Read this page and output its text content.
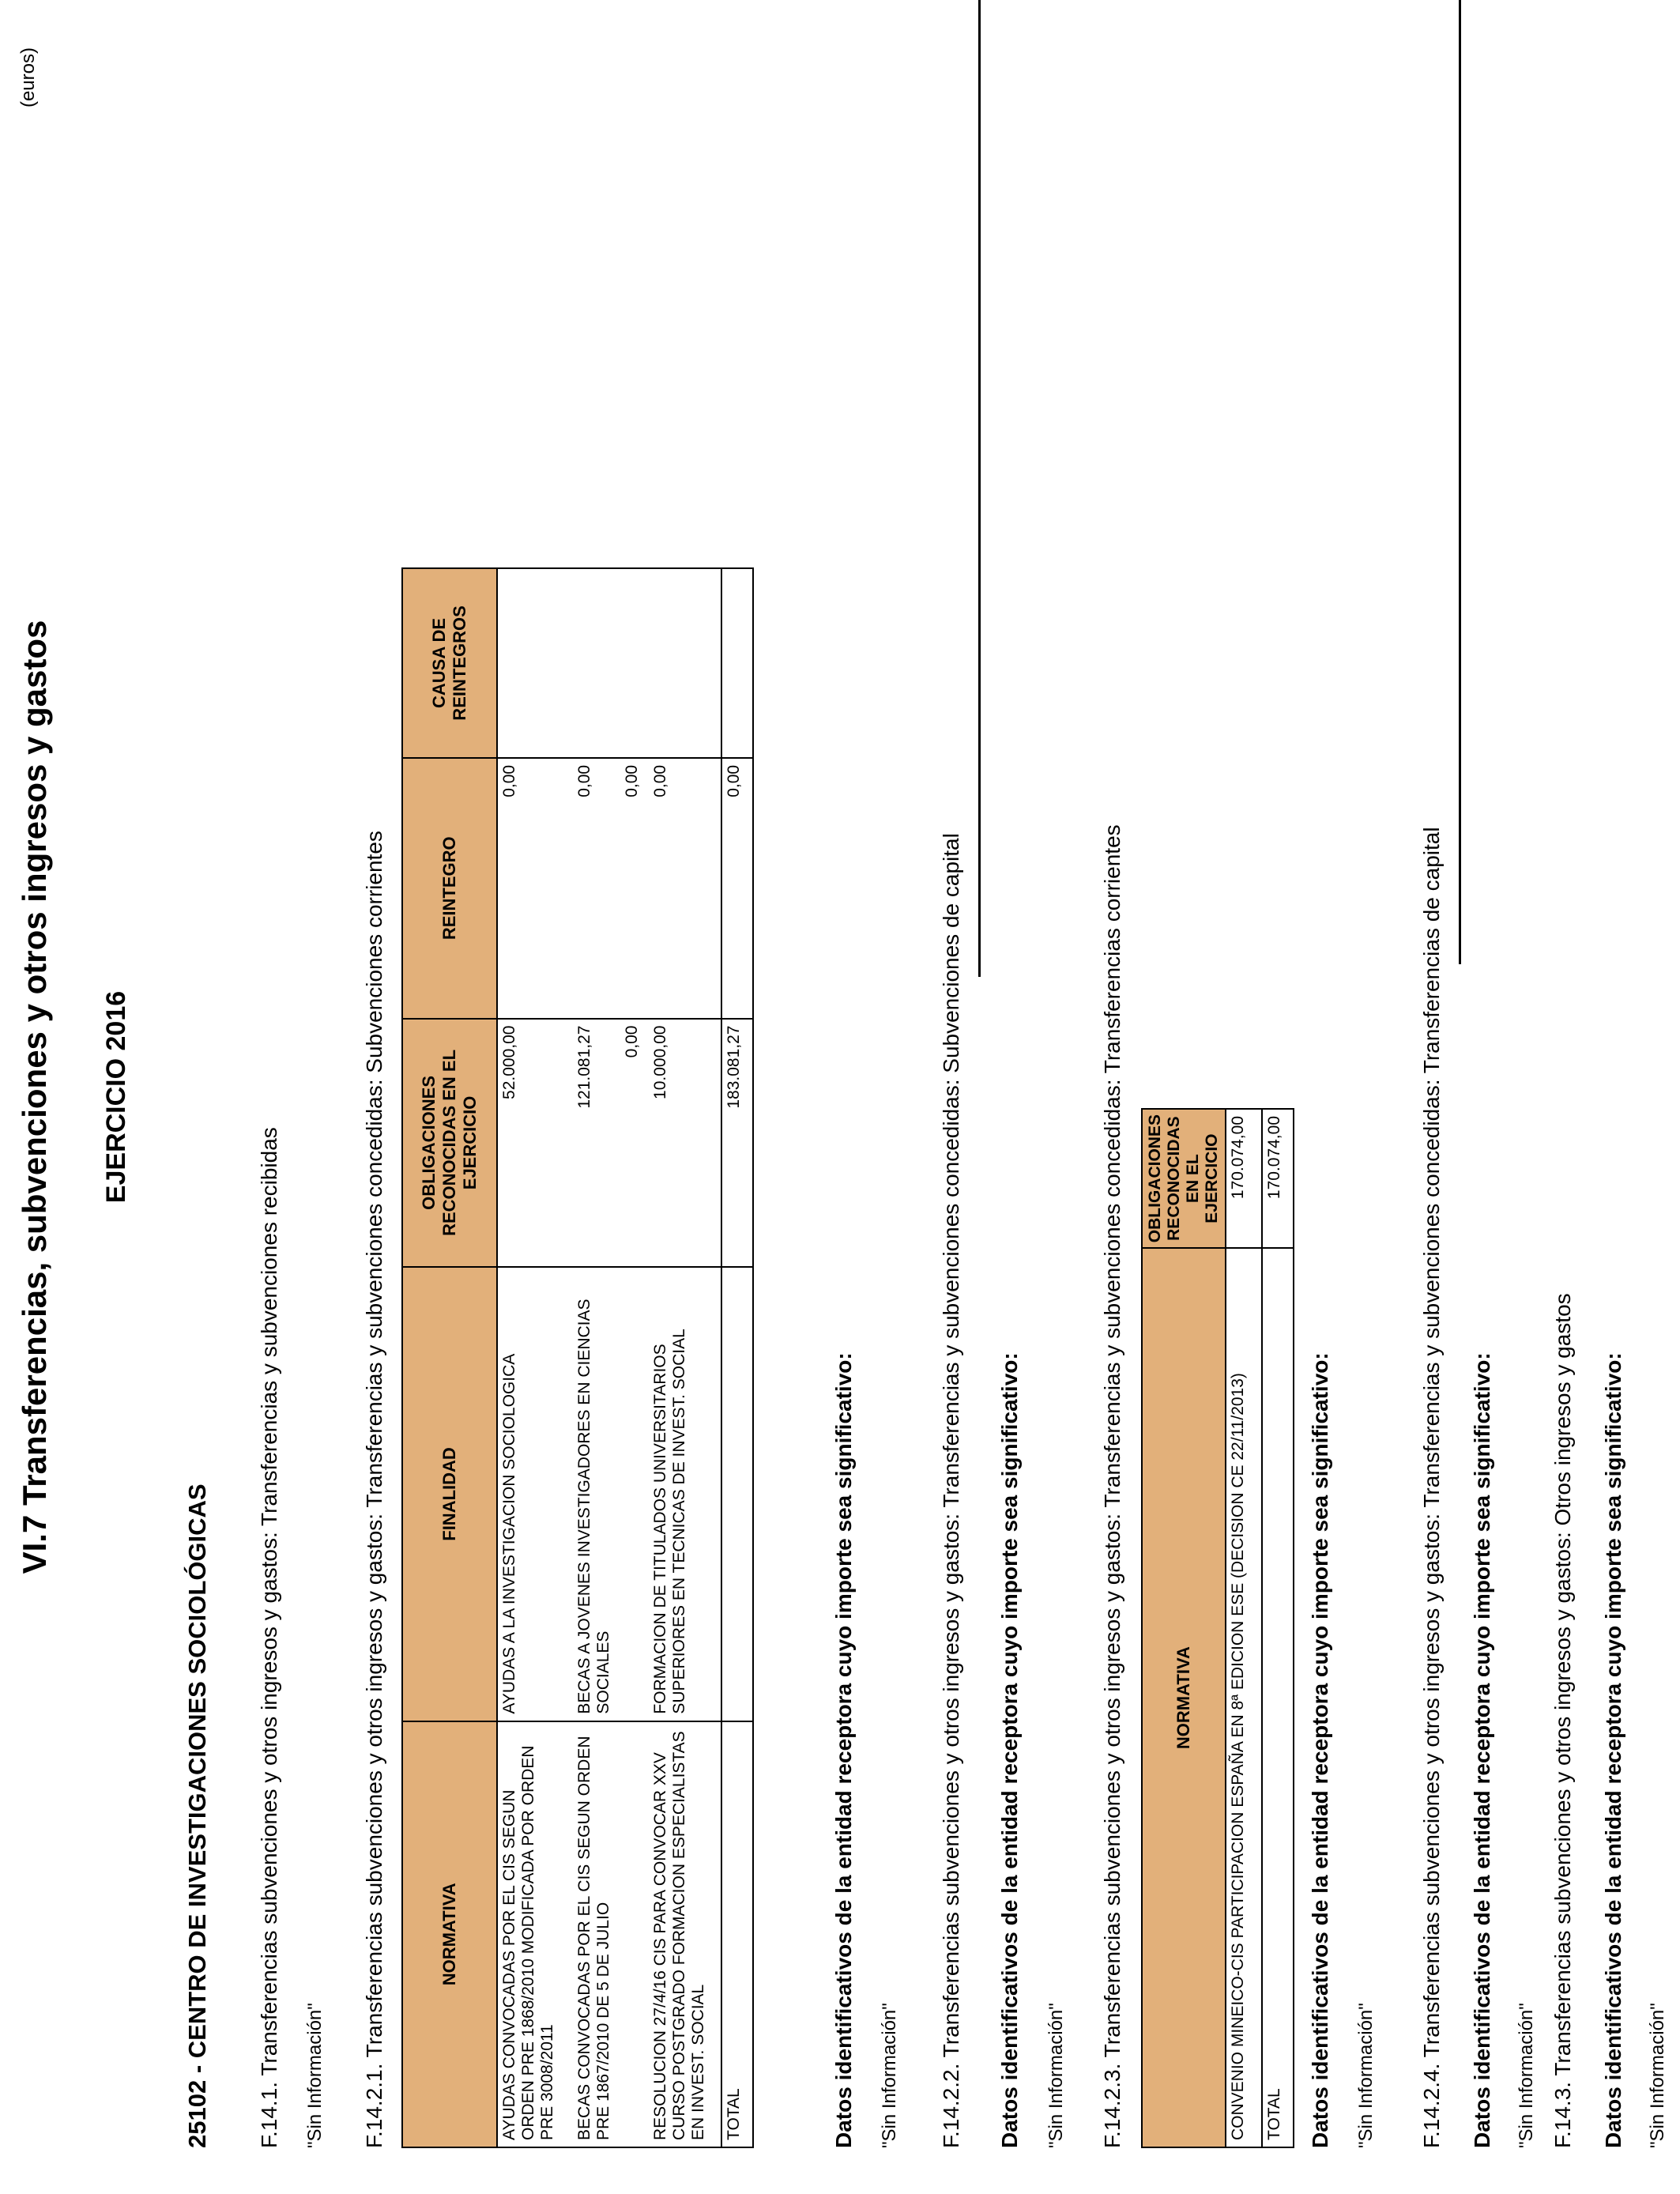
VI.7 Transferencias, subvenciones y otros ingresos y gastos EJERCICIO 2016
(euros)
25102 - CENTRO DE INVESTIGACIONES SOCIOLÓGICAS F.14.1. Transferencias subvenciones y otros ingresos y gastos: Transferencias y subvenciones recibidas "Sin Información" F.14.2.1. Transferencias subvenciones y otros ingresos y gastos: Transferencias y subvenciones concedidas: Subvenciones corrientes	NORMATIVA	FINALIDAD	OBLIGACIONES RECONOCIDAS EN EL EJERCICIO	REINTEGRO	CAUSA DE REINTEGROS
AYUDAS CONVOCADAS POR EL CIS SEGUN ORDEN PRE 1868/2010 MODIFICADA POR ORDEN PRE 3008/2011	AYUDAS A LA INVESTIGACION SOCIOLOGICA	52.000,00	0,00	
BECAS CONVOCADAS POR EL CIS SEGUN ORDEN PRE 1867/2010 DE 5 DE JULIO	BECAS A JOVENES INVESTIGADORES EN CIENCIAS SOCIALES	121.081,27	0,00	
		0,00	0,00	
RESOLUCION 27/4/16 CIS PARA CONVOCAR XXV CURSO POSTGRADO FORMACION ESPECIALISTAS EN INVEST. SOCIAL	FORMACION DE TITULADOS UNIVERSITARIOS SUPERIORES EN TECNICAS DE INVEST. SOCIAL	10.000,00	0,00	
TOTAL		183.081,27	0,00	
Datos identificativos de la entidad receptora cuyo importe sea significativo: "Sin Información" F.14.2.2. Transferencias subvenciones y otros ingresos y gastos: Transferencias y subvenciones concedidas: Subvenciones de capital Datos identificativos de la entidad receptora cuyo importe sea significativo: "Sin Información" F.14.2.3. Transferencias subvenciones y otros ingresos y gastos: Transferencias y subvenciones concedidas: Transferencias corrientes	NORMATIVA	OBLIGACIONES RECONOCIDAS EN EL EJERCICIO
CONVENIO MINEICO-CIS PARTICIPACION ESPAÑA EN 8ª EDICION ESE (DECISION CE 22/11/2013)	170.074,00
TOTAL	170.074,00
Datos identificativos de la entidad receptora cuyo importe sea significativo: "Sin Información" F.14.2.4. Transferencias subvenciones y otros ingresos y gastos: Transferencias y subvenciones concedidas: Transferencias de capital Datos identificativos de la entidad receptora cuyo importe sea significativo: "Sin Información" F.14.3. Transferencias subvenciones y otros ingresos y gastos: Otros ingresos y gastos Datos identificativos de la entidad receptora cuyo importe sea significativo: "Sin Información"
